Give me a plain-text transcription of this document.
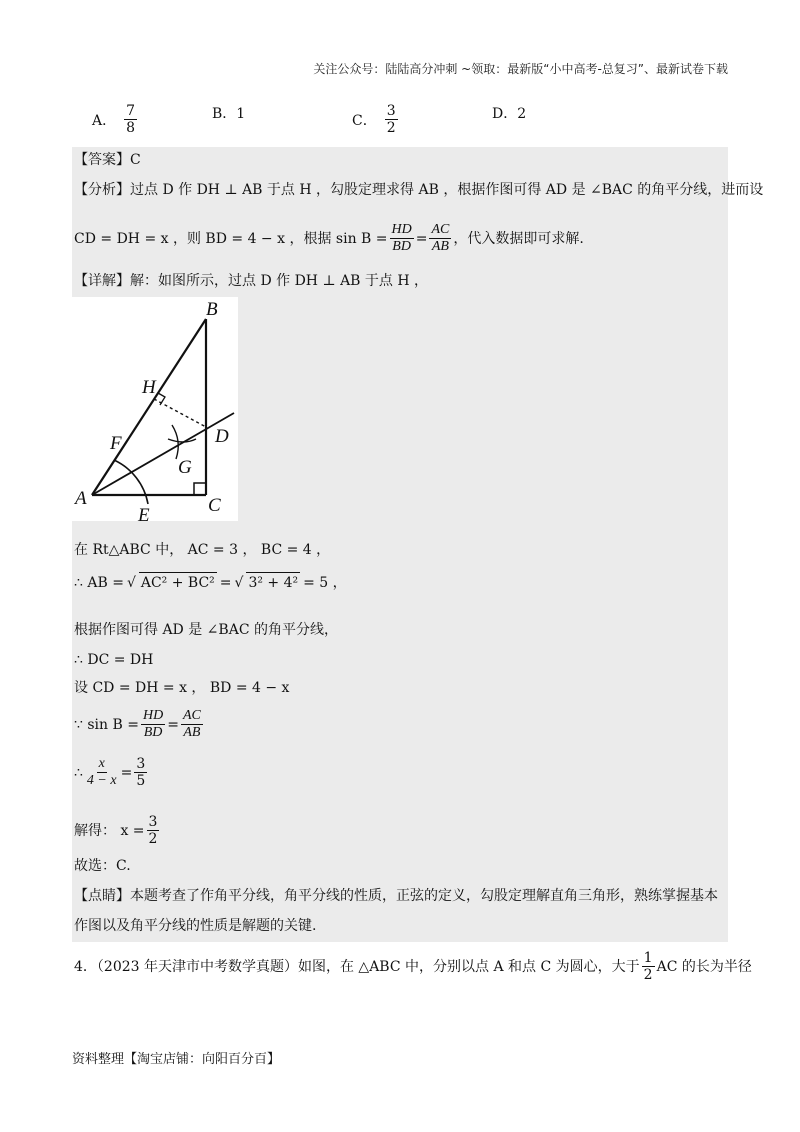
关注公众号：陆陆高分冲刺 ~领取：最新版“小中高考-总复习”、最新试卷下载
A． $\frac{7}{8}$	B．1	C． $\frac{3}{2}$	D．2
【答案】C
【分析】过点 D 作 DH ⊥ AB 于点 H ，勾股定理求得 AB ，根据作图可得 AD 是 ∠BAC 的角平分线，进而设
CD = DH = x ，则 BD = 4 − x ，根据 $\sin B = \frac{HD}{BD} = \frac{AC}{AB}$ ，代入数据即可求解.
【详解】解：如图所示，过点 D 作 DH ⊥ AB 于点 H ，
A
B
C
D
E
F
G
H
在 Rt△ABC 中， AC = 3 ， BC = 4 ，
∴ AB = √ AC² + BC² = √ 3² + 4² = 5 ，
根据作图可得 AD 是 ∠BAC 的角平分线，
∴ DC = DH
设 CD = DH = x ， BD = 4 − x
∵ $\sin B = \frac{HD}{BD} = \frac{AC}{AB}$
∴ $\frac{x}{4 - x} = \frac{3}{5}$
解得： $x = \frac{3}{2}$
故选：C.
【点睛】本题考查了作角平分线，角平分线的性质，正弦的定义，勾股定理解直角三角形，熟练掌握基本
作图以及角平分线的性质是解题的关键.
4．（2023 年天津市中考数学真题）如图，在 △ABC 中，分别以点 A 和点 C 为圆心，大于 $\frac{1}{2}$ AC 的长为半径
资料整理【淘宝店铺：向阳百分百】
